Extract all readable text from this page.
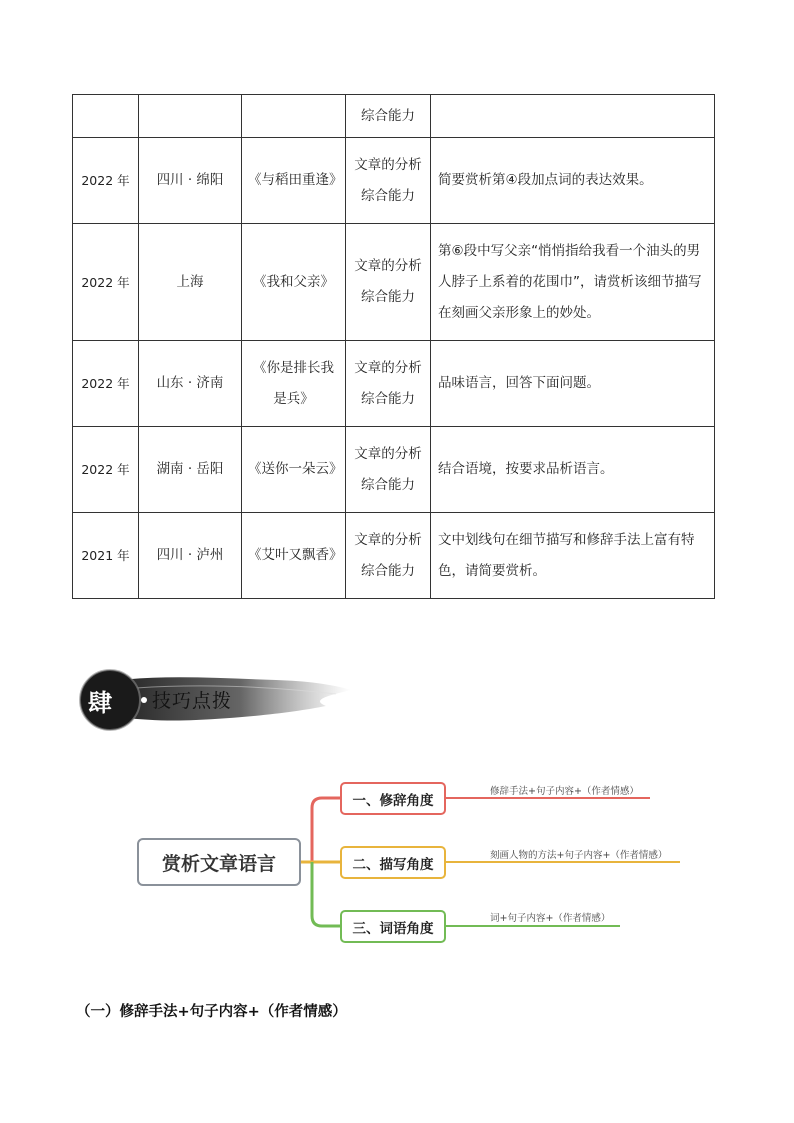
			综合能力	
2022 年	四川 · 绵阳	《与稻田重逢》	文章的分析综合能力	简要赏析第④段加点词的表达效果。
2022 年	上海	《我和父亲》	文章的分析综合能力	第⑥段中写父亲“悄悄指给我看一个油头的男人脖子上系着的花围巾”，请赏析该细节描写在刻画父亲形象上的妙处。
2022 年	山东 · 济南	《你是排长我是兵》	文章的分析综合能力	品味语言，回答下面问题。
2022 年	湖南 · 岳阳	《送你一朵云》	文章的分析综合能力	结合语境，按要求品析语言。
2021 年	四川 · 泸州	《艾叶又飘香》	文章的分析综合能力	文中划线句在细节描写和修辞手法上富有特色，请简要赏析。
肆 技巧点拨
赏析文章语言
一、修辞角度
二、描写角度
三、词语角度
修辞手法+句子内容+（作者情感）
刻画人物的方法+句子内容+（作者情感）
词+句子内容+（作者情感）
（一）修辞手法+句子内容+（作者情感）
